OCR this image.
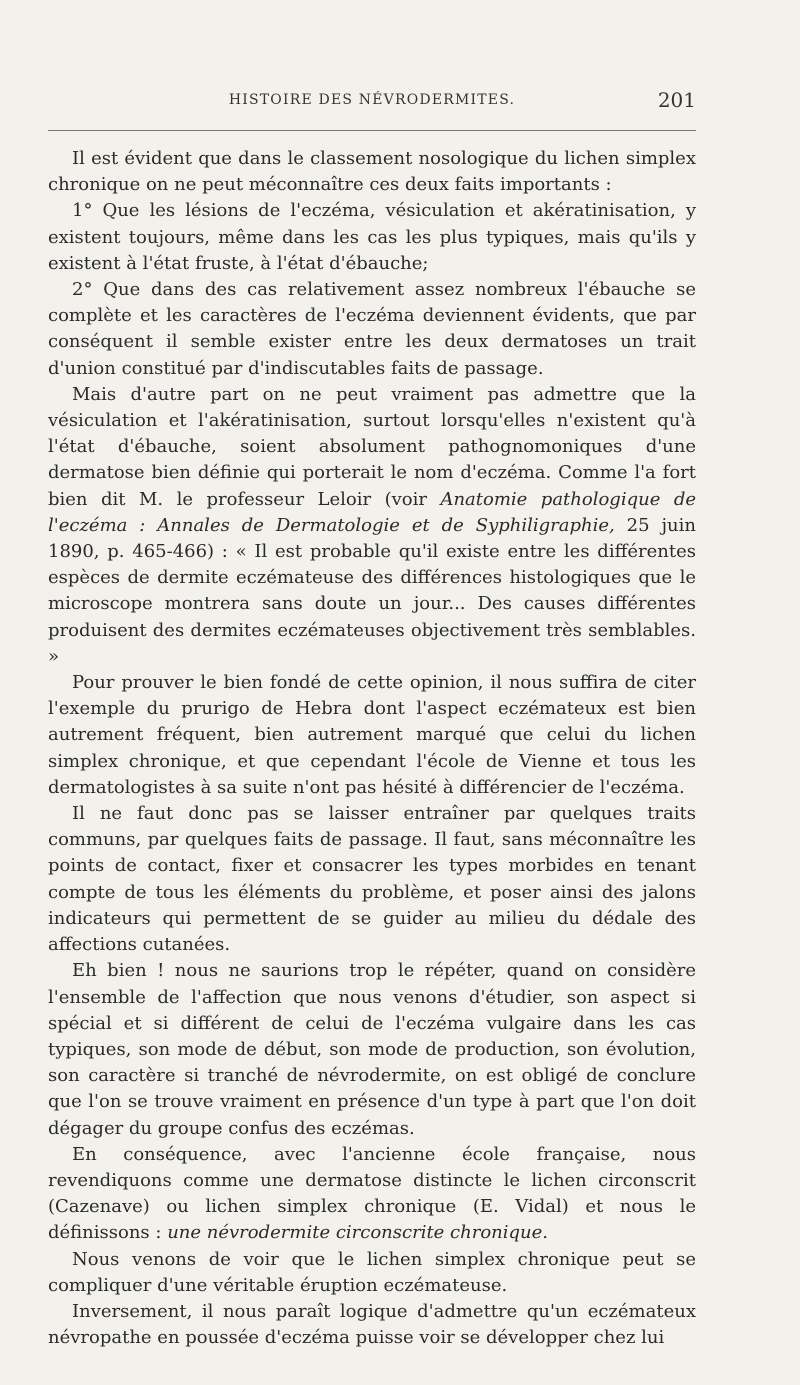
HISTOIRE DES NÉVRODERMITES.	201

Il est évident que dans le classement nosologique du lichen simplex chronique on ne peut méconnaître ces deux faits importants :

1° Que les lésions de l'eczéma, vésiculation et akératinisation, y existent toujours, même dans les cas les plus typiques, mais qu'ils y existent à l'état fruste, à l'état d'ébauche;

2° Que dans des cas relativement assez nombreux l'ébauche se complète et les caractères de l'eczéma deviennent évidents, que par conséquent il semble exister entre les deux dermatoses un trait d'union constitué par d'indiscutables faits de passage.

Mais d'autre part on ne peut vraiment pas admettre que la vésiculation et l'akératinisation, surtout lorsqu'elles n'existent qu'à l'état d'ébauche, soient absolument pathognomoniques d'une dermatose bien définie qui porterait le nom d'eczéma. Comme l'a fort bien dit M. le professeur Leloir (voir Anatomie pathologique de l'eczéma : Annales de Dermatologie et de Syphiligraphie, 25 juin 1890, p. 465-466) : « Il est probable qu'il existe entre les différentes espèces de dermite eczémateuse des différences histologiques que le microscope montrera sans doute un jour... Des causes différentes produisent des dermites eczémateuses objectivement très semblables. »

Pour prouver le bien fondé de cette opinion, il nous suffira de citer l'exemple du prurigo de Hebra dont l'aspect eczémateux est bien autrement fréquent, bien autrement marqué que celui du lichen simplex chronique, et que cependant l'école de Vienne et tous les dermatologistes à sa suite n'ont pas hésité à différencier de l'eczéma.

Il ne faut donc pas se laisser entraîner par quelques traits communs, par quelques faits de passage. Il faut, sans méconnaître les points de contact, fixer et consacrer les types morbides en tenant compte de tous les éléments du problème, et poser ainsi des jalons indicateurs qui permettent de se guider au milieu du dédale des affections cutanées.

Eh bien ! nous ne saurions trop le répéter, quand on considère l'ensemble de l'affection que nous venons d'étudier, son aspect si spécial et si différent de celui de l'eczéma vulgaire dans les cas typiques, son mode de début, son mode de production, son évolution, son caractère si tranché de névrodermite, on est obligé de conclure que l'on se trouve vraiment en présence d'un type à part que l'on doit dégager du groupe confus des eczémas.

En conséquence, avec l'ancienne école française, nous revendiquons comme une dermatose distincte le lichen circonscrit (Cazenave) ou lichen simplex chronique (E. Vidal) et nous le définissons : une névrodermite circonscrite chronique.

Nous venons de voir que le lichen simplex chronique peut se compliquer d'une véritable éruption eczémateuse.

Inversement, il nous paraît logique d'admettre qu'un eczémateux névropathe en poussée d'eczéma puisse voir se développer chez lui
